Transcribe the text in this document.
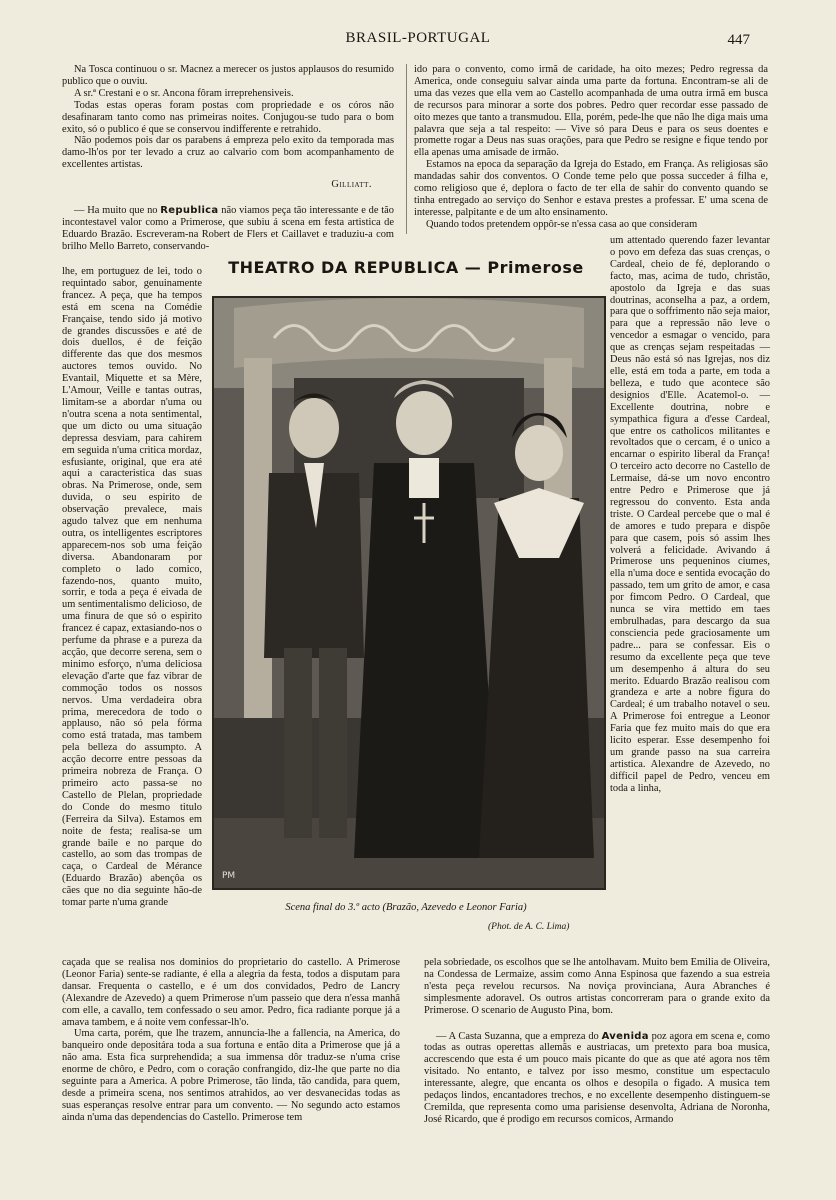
BRASIL-PORTUGAL	447

Na Tosca continuou o sr. Macnez a merecer os justos applausos do resumido publico que o ouviu.

A sr.ª Crestani e o sr. Ancona fôram irreprehensiveis.

Todas estas operas foram postas com propriedade e os córos não desafinaram tanto como nas primeiras noites. Conjugou-se tudo para o bom exito, só o publico é que se conservou indifferente e retrahido.

Não podemos pois dar os parabens á empreza pelo exito da temporada mas damo-lh'os por ter levado a cruz ao calvario com bom acompanhamento de excellentes artistas.

Gilliatt.

— Ha muito que no Republica não viamos peça tão interessante e de tão incontestavel valor como a Primerose, que subiu á scena em festa artistica de Eduardo Brazão. Escreveram-na Robert de Flers et Caillavet e traduziu-a com brilho Mello Barreto, conservando-

lhe, em portuguez de lei, todo o requintado sabor, genuinamente francez. A peça, que ha tempos está em scena na Comédie Française, tendo sido já motivo de grandes discussões e até de dois duellos, é de feição differente das que dos mesmos auctores temos ouvido. No Evantail, Miquette et sa Mère, L'Amour, Veille e tantas outras, limitam-se a abordar n'uma ou n'outra scena a nota sentimental, que um dicto ou uma situação depressa desviam, para cahirem em seguida n'uma critica mordaz, esfusiante, original, que era até aqui a caracteristica das suas obras. Na Primerose, onde, sem duvida, o seu espirito de observação prevalece, mais agudo talvez que em nenhuma outra, os intelligentes escriptores apparecem-nos sob uma feição diversa. Abandonaram por completo o lado comico, fazendo-nos, quanto muito, sorrir, e toda a peça é eivada de um sentimentalismo delicioso, de uma finura de que só o espirito francez é capaz, extasiando-nos o perfume da phrase e a pureza da acção, que decorre serena, sem o minimo esforço, n'uma deliciosa elevação d'arte que faz vibrar de commoção todos os nossos nervos. Uma verdadeira obra prima, merecedora de todo o applauso, não só pela fórma como está tratada, mas tambem pela belleza do assumpto. A acção decorre entre pessoas da primeira nobreza de França. O primeiro acto passa-se no Castello de Plelan, propriedade do Conde do mesmo titulo (Ferreira da Silva). Estamos em noite de festa; realisa-se um grande baile e no parque do castello, ao som das trompas de caça, o Cardeal de Mérance (Eduardo Brazão) abençôa os cães que no dia seguinte hão-de tomar parte n'uma grande

caçada que se realisa nos dominios do proprietario do castello. A Primerose (Leonor Faria) sente-se radiante, é ella a alegria da festa, todos a disputam para dansar. Frequenta o castello, e é um dos convidados, Pedro de Lancry (Alexandre de Azevedo) a quem Primerose n'um passeio que dera n'essa manhã com elle, a cavallo, tem confessado o seu amor. Pedro, fica radiante porque já a amava tambem, e á noite vem confessar-lh'o.

Uma carta, porém, que lhe trazem, annuncia-lhe a fallencia, na America, do banqueiro onde depositára toda a sua fortuna e então dita a Primerose que já a não ama. Esta fica surprehendida; a sua immensa dôr traduz-se n'uma crise enorme de chôro, e Pedro, com o coração confrangido, diz-lhe que parte no dia seguinte para a America. A pobre Primerose, tão linda, tão candida, para quem, desde a primeira scena, nos sentimos atrahidos, ao ver desvanecidas todas as suas esperanças resolve entrar para um convento. — No segundo acto estamos ainda n'uma das dependencias do Castello. Primerose tem

ido para o convento, como irmã de caridade, ha oito mezes; Pedro regressa da America, onde conseguiu salvar ainda uma parte da fortuna. Encontram-se ali de uma das vezes que ella vem ao Castello acompanhada de uma outra irmã em busca de recursos para minorar a sorte dos pobres. Pedro quer recordar esse passado de oito mezes que tanto a transmudou. Ella, porém, pede-lhe que não lhe diga mais uma palavra que seja a tal respeito: — Vive só para Deus e para os seus doentes e promette rogar a Deus nas suas orações, para que Pedro se resigne e fique tendo por ella apenas uma amisade de irmão.

Estamos na epoca da separação da Igreja do Estado, em França. As religiosas são mandadas sahir dos conventos. O Conde teme pelo que possa succeder á filha e, como religioso que é, deplora o facto de ter ella de sahir do convento quando se tinha entregado ao serviço do Senhor e estava prestes a professar. E' uma scena de interesse, palpitante e de um alto ensinamento.

Quando todos pretendem oppôr-se n'essa casa ao que consideram

um attentado querendo fazer levantar o povo em defeza das suas crenças, o Cardeal, cheio de fé, deplorando o facto, mas, acima de tudo, christão, apostolo da Igreja e das suas doutrinas, aconselha a paz, a ordem, para que o soffrimento não seja maior, para que a repressão não leve o vencedor a esmagar o vencido, para que as crenças sejam respeitadas — Deus não está só nas Igrejas, nos diz elle, está em toda a parte, em toda a belleza, e tudo que acontece são designios d'Elle. Acatemol-o. — Excellente doutrina, nobre e sympathica figura a d'esse Cardeal, que entre os catholicos militantes e revoltados que o cercam, é o unico a encarnar o espirito liberal da França! O terceiro acto decorre no Castello de Lermaise, dá-se um novo encontro entre Pedro e Primerose que já regressou do convento. Esta anda triste. O Cardeal percebe que o mal é de amores e tudo prepara e dispõe para que casem, pois só assim lhes volverá a felicidade. Avivando á Primerose uns pequeninos ciumes, ella n'uma doce e sentida evocação do passado, tem um grito de amor, e casa por fimcom Pedro. O Cardeal, que nunca se vira mettido em taes embrulhadas, para descargo da sua consciencia pede graciosamente um padre... para se confessar. Eis o resumo da excellente peça que teve um desempenho á altura do seu merito. Eduardo Brazão realisou com grandeza e arte a nobre figura do Cardeal; é um trabalho notavel o seu. A Primerose foi entregue a Leonor Faria que fez muito mais do que era licito esperar. Esse desempenho foi um grande passo na sua carreira artistica. Alexandre de Azevedo, no difficil papel de Pedro, venceu em toda a linha,

pela sobriedade, os escolhos que se lhe antolhavam. Muito bem Emilia de Oliveira, na Condessa de Lermaize, assim como Anna Espinosa que fazendo a sua estreia n'esta peça revelou recursos. Na noviça provinciana, Aura Abranches é simplesmente adoravel. Os outros artistas concorreram para o grande exito da Primerose. O scenario de Augusto Pina, bom.

— A Casta Suzanna, que a empreza do Avenida poz agora em scena e, como todas as outras operettas allemãs e austriacas, um pretexto para boa musica, accrescendo que esta é um pouco mais picante do que as que até agora nos têm visitado. No entanto, e talvez por isso mesmo, constitue um espectaculo interessante, alegre, que encanta os olhos e desopila o figado. A musica tem pedaços lindos, encantadores trechos, e no excellente desempenho distinguem-se Cremilda, que representa como uma parisiense desenvolta, Adriana de Noronha, José Ricardo, que é prodigo em recursos comicos, Armando

THEATRO DA REPUBLICA — Primerose
PM
Scena final do 3.º acto (Brazão, Azevedo e Leonor Faria)
(Phot. de A. C. Lima)
